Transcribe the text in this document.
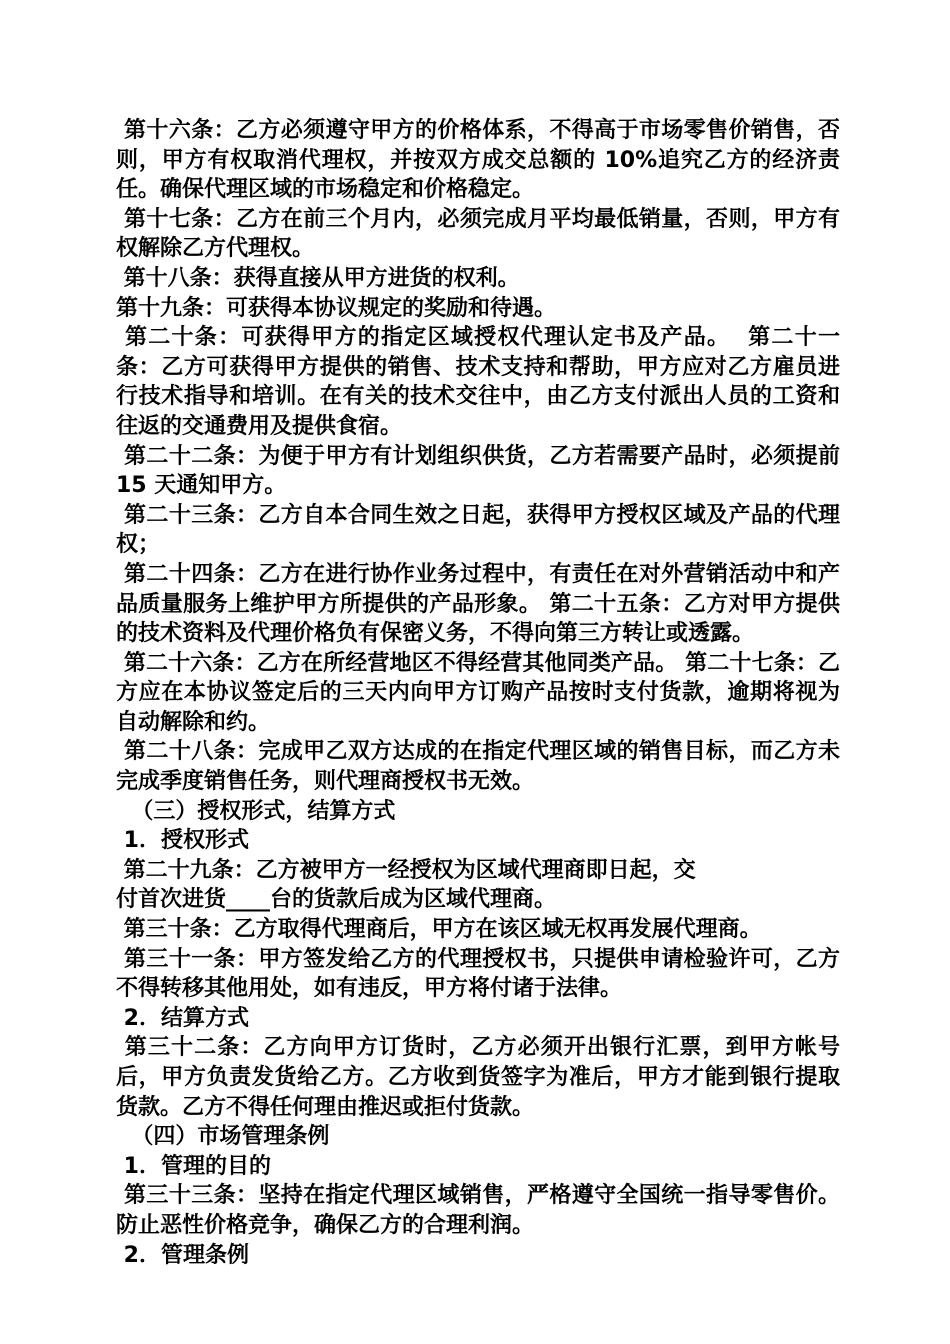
第十六条：乙方必须遵守甲方的价格体系，不得高于市场零售价销售，否则，甲方有权取消代理权，并按双方成交总额的 10%追究乙方的经济责任。确保代理区域的市场稳定和价格稳定。

第十七条：乙方在前三个月内，必须完成月平均最低销量，否则，甲方有权解除乙方代理权。

第十八条：获得直接从甲方进货的权利。

第十九条：可获得本协议规定的奖励和待遇。

第二十条：可获得甲方的指定区域授权代理认定书及产品。  第二十一条：乙方可获得甲方提供的销售、技术支持和帮助，甲方应对乙方雇员进行技术指导和培训。在有关的技术交往中，由乙方支付派出人员的工资和往返的交通费用及提供食宿。

第二十二条：为便于甲方有计划组织供货，乙方若需要产品时，必须提前 15 天通知甲方。

第二十三条：乙方自本合同生效之日起，获得甲方授权区域及产品的代理权；

第二十四条：乙方在进行协作业务过程中，有责任在对外营销活动中和产品质量服务上维护甲方所提供的产品形象。 第二十五条：乙方对甲方提供的技术资料及代理价格负有保密义务，不得向第三方转让或透露。

第二十六条：乙方在所经营地区不得经营其他同类产品。 第二十七条：乙方应在本协议签定后的三天内向甲方订购产品按时支付货款，逾期将视为自动解除和约。

第二十八条：完成甲乙双方达成的在指定代理区域的销售目标，而乙方未完成季度销售任务，则代理商授权书无效。

（三）授权形式，结算方式

1．授权形式

第二十九条：乙方被甲方一经授权为区域代理商即日起，交
付首次进货____台的货款后成为区域代理商。

第三十条：乙方取得代理商后，甲方在该区域无权再发展代理商。

第三十一条：甲方签发给乙方的代理授权书，只提供申请检验许可，乙方不得转移其他用处，如有违反，甲方将付诸于法律。

2．结算方式

第三十二条：乙方向甲方订货时，乙方必须开出银行汇票，到甲方帐号后，甲方负责发货给乙方。乙方收到货签字为准后，甲方才能到银行提取货款。乙方不得任何理由推迟或拒付货款。

（四）市场管理条例

1．管理的目的

第三十三条：坚持在指定代理区域销售，严格遵守全国统一指导零售价。防止恶性价格竞争，确保乙方的合理利润。

2．管理条例
